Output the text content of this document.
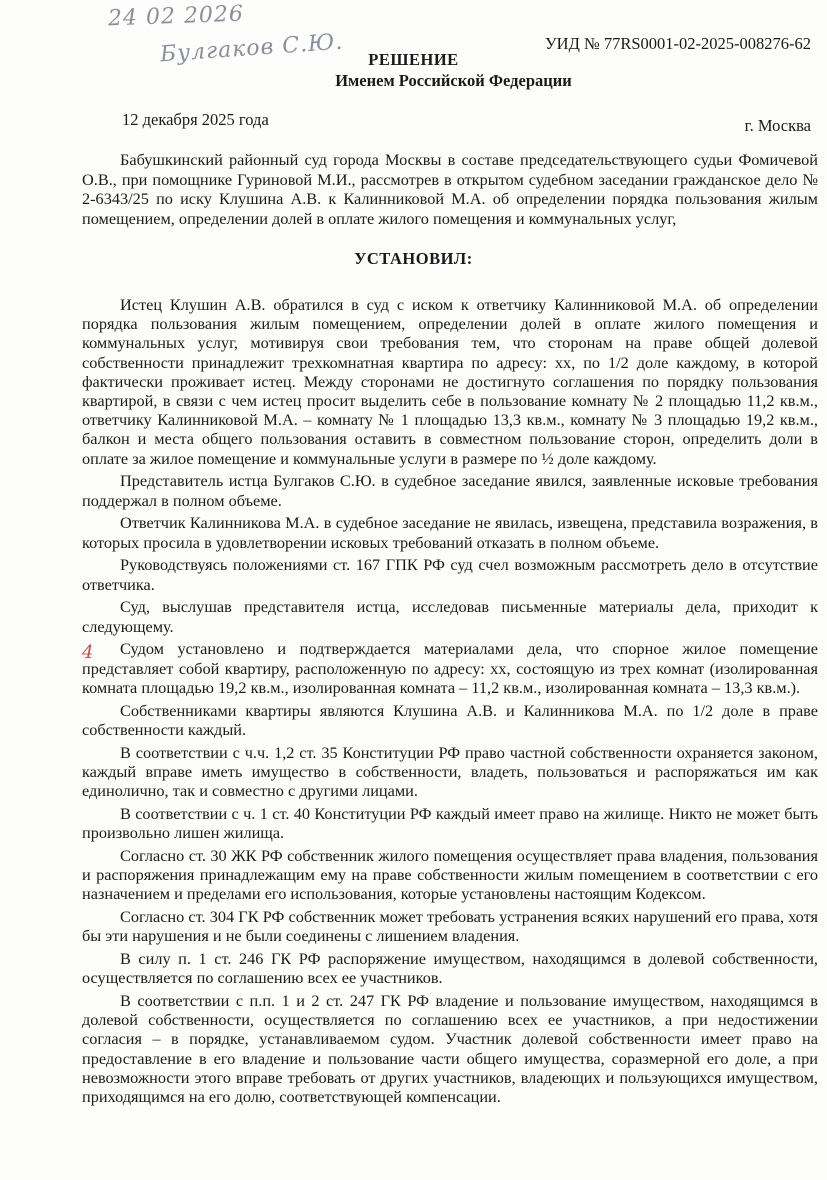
24 02 2026
Булгаков С.Ю.	УИД № 77RS0001-02-2025-008276-62
РЕШЕНИЕ
Именем Российской Федерации
12 декабря 2025 года	г. Москва

Бабушкинский районный суд города Москвы в составе председательствующего судьи Фомичевой О.В., при помощнике Гуриновой М.И., рассмотрев в открытом судебном заседании гражданское дело № 2-6343/25 по иску Клушина А.В. к Калинниковой М.А. об определении порядка пользования жилым помещением, определении долей в оплате жилого помещения и коммунальных услуг,

УСТАНОВИЛ:
4

Истец Клушин А.В. обратился в суд с иском к ответчику Калинниковой М.А. об определении порядка пользования жилым помещением, определении долей в оплате жилого помещения и коммунальных услуг, мотивируя свои требования тем, что сторонам на праве общей долевой собственности принадлежит трехкомнатная квартира по адресу: хх, по 1/2 доле каждому, в которой фактически проживает истец. Между сторонами не достигнуто соглашения по порядку пользования квартирой, в связи с чем истец просит выделить себе в пользование комнату № 2 площадью 11,2 кв.м., ответчику Калинниковой М.А. – комнату № 1 площадью 13,3 кв.м., комнату № 3 площадью 19,2 кв.м., балкон и места общего пользования оставить в совместном пользование сторон, определить доли в оплате за жилое помещение и коммунальные услуги в размере по ½ доле каждому.

Представитель истца Булгаков С.Ю. в судебное заседание явился, заявленные исковые требования поддержал в полном объеме.

Ответчик Калинникова М.А. в судебное заседание не явилась, извещена, представила возражения, в которых просила в удовлетворении исковых требований отказать в полном объеме.

Руководствуясь положениями ст. 167 ГПК РФ суд счел возможным рассмотреть дело в отсутствие ответчика.

Суд, выслушав представителя истца, исследовав письменные материалы дела, приходит к следующему.

Судом установлено и подтверждается материалами дела, что спорное жилое помещение представляет собой квартиру, расположенную по адресу: хх, состоящую из трех комнат (изолированная комната площадью 19,2 кв.м., изолированная комната – 11,2 кв.м., изолированная комната – 13,3 кв.м.).

Собственниками квартиры являются Клушина А.В. и Калинникова М.А. по 1/2 доле в праве собственности каждый.

В соответствии с ч.ч. 1,2 ст. 35 Конституции РФ право частной собственности охраняется законом, каждый вправе иметь имущество в собственности, владеть, пользоваться и распоряжаться им как единолично, так и совместно с другими лицами.

В соответствии с ч. 1 ст. 40 Конституции РФ каждый имеет право на жилище. Никто не может быть произвольно лишен жилища.

Согласно ст. 30 ЖК РФ собственник жилого помещения осуществляет права владения, пользования и распоряжения принадлежащим ему на праве собственности жилым помещением в соответствии с его назначением и пределами его использования, которые установлены настоящим Кодексом.

Согласно ст. 304 ГК РФ собственник может требовать устранения всяких нарушений его права, хотя бы эти нарушения и не были соединены с лишением владения.

В силу п. 1 ст. 246 ГК РФ распоряжение имуществом, находящимся в долевой собственности, осуществляется по соглашению всех ее участников.

В соответствии с п.п. 1 и 2 ст. 247 ГК РФ владение и пользование имуществом, находящимся в долевой собственности, осуществляется по соглашению всех ее участников, а при недостижении согласия – в порядке, устанавливаемом судом. Участник долевой собственности имеет право на предоставление в его владение и пользование части общего имущества, соразмерной его доле, а при невозможности этого вправе требовать от других участников, владеющих и пользующихся имуществом, приходящимся на его долю, соответствующей компенсации.
